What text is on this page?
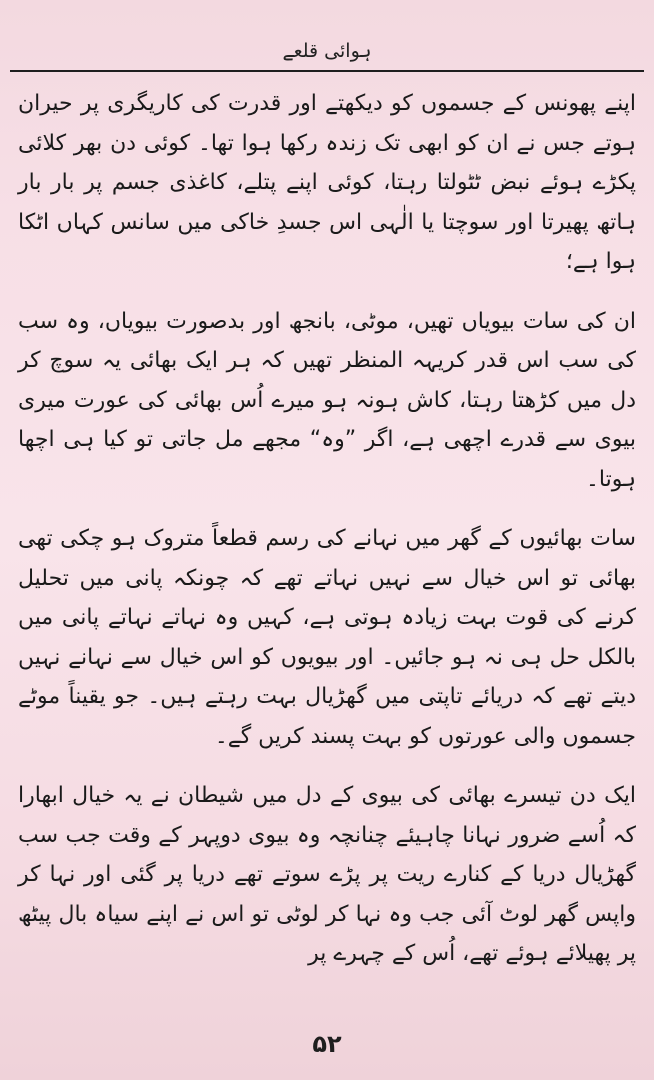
ہوائی قلعے

اپنے پھونس کے جسموں کو دیکھتے اور قدرت کی کاریگری پر حیران ہوتے جس نے ان کو ابھی تک زندہ رکھا ہوا تھا۔ کوئی دن بھر کلائی پکڑے ہوئے نبض ٹٹولتا رہتا، کوئی اپنے پتلے، کاغذی جسم پر بار بار ہاتھ پھیرتا اور سوچتا یا الٰہی اس جسدِ خاکی میں سانس کہاں اٹکا ہوا ہے؛

ان کی سات بیویاں تھیں، موٹی، بانجھ اور بدصورت بیویاں، وہ سب کی سب اس قدر کریہہ المنظر تھیں کہ ہر ایک بھائی یہ سوچ کر دل میں کڑھتا رہتا، کاش ہونہ ہو میرے اُس بھائی کی عورت میری بیوی سے قدرے اچھی ہے، اگر ”وہ“ مجھے مل جاتی تو کیا ہی اچھا ہوتا۔

سات بھائیوں کے گھر میں نہانے کی رسم قطعاً متروک ہو چکی تھی بھائی تو اس خیال سے نہیں نہاتے تھے کہ چونکہ پانی میں تحلیل کرنے کی قوت بہت زیادہ ہوتی ہے، کہیں وہ نہاتے نہاتے پانی میں بالکل حل ہی نہ ہو جائیں۔ اور بیویوں کو اس خیال سے نہانے نہیں دیتے تھے کہ دریائے تاپتی میں گھڑیال بہت رہتے ہیں۔ جو یقیناً موٹے جسموں والی عورتوں کو بہت پسند کریں گے۔

ایک دن تیسرے بھائی کی بیوی کے دل میں شیطان نے یہ خیال ابھارا کہ اُسے ضرور نہانا چاہیئے چنانچہ وہ بیوی دوپہر کے وقت جب سب گھڑیال دریا کے کنارے ریت پر پڑے سوتے تھے دریا پر گئی اور نہا کر واپس گھر لوٹ آئی جب وہ نہا کر لوٹی تو اس نے اپنے سیاہ بال پیٹھ پر پھیلائے ہوئے تھے، اُس کے چہرے پر

۵۲
